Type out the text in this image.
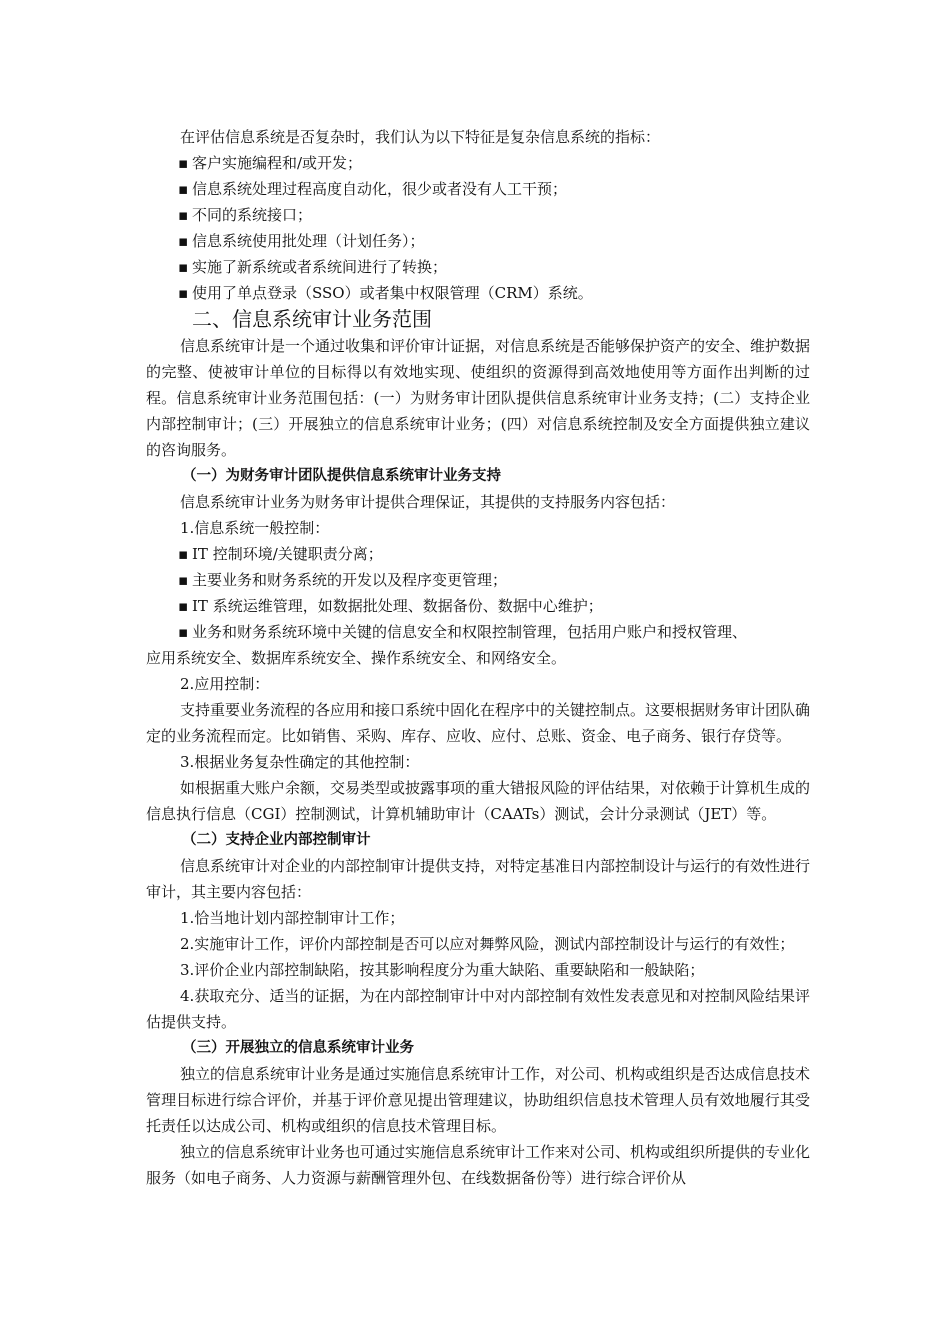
在评估信息系统是否复杂时，我们认为以下特征是复杂信息系统的指标：

▪ 客户实施编程和/或开发；
▪ 信息系统处理过程高度自动化，很少或者没有人工干预；
▪ 不同的系统接口；
▪ 信息系统使用批处理（计划任务）；
▪ 实施了新系统或者系统间进行了转换；
▪ 使用了单点登录（SSO）或者集中权限管理（CRM）系统。
二、信息系统审计业务范围

信息系统审计是一个通过收集和评价审计证据，对信息系统是否能够保护资产的安全、维护数据的完整、使被审计单位的目标得以有效地实现、使组织的资源得到高效地使用等方面作出判断的过程。信息系统审计业务范围包括：(一）为财务审计团队提供信息系统审计业务支持；(二）支持企业内部控制审计；(三）开展独立的信息系统审计业务；(四）对信息系统控制及安全方面提供独立建议的咨询服务。

（一）为财务审计团队提供信息系统审计业务支持

信息系统审计业务为财务审计提供合理保证，其提供的支持服务内容包括：

1.信息系统一般控制：
▪ IT 控制环境/关键职责分离；
▪ 主要业务和财务系统的开发以及程序变更管理；
▪ IT 系统运维管理，如数据批处理、数据备份、数据中心维护；
▪ 业务和财务系统环境中关键的信息安全和权限控制管理，包括用户账户和授权管理、
应用系统安全、数据库系统安全、操作系统安全、和网络安全。
2.应用控制：

支持重要业务流程的各应用和接口系统中固化在程序中的关键控制点。这要根据财务审计团队确定的业务流程而定。比如销售、采购、库存、应收、应付、总账、资金、电子商务、银行存贷等。

3.根据业务复杂性确定的其他控制：

如根据重大账户余额，交易类型或披露事项的重大错报风险的评估结果，对依赖于计算机生成的信息执行信息（CGI）控制测试，计算机辅助审计（CAATs）测试，会计分录测试（JET）等。

（二）支持企业内部控制审计

信息系统审计对企业的内部控制审计提供支持，对特定基准日内部控制设计与运行的有效性进行审计，其主要内容包括：

1.恰当地计划内部控制审计工作；

2.实施审计工作，评价内部控制是否可以应对舞弊风险，测试内部控制设计与运行的有效性；

3.评价企业内部控制缺陷，按其影响程度分为重大缺陷、重要缺陷和一般缺陷；

4.获取充分、适当的证据，为在内部控制审计中对内部控制有效性发表意见和对控制风险结果评估提供支持。

（三）开展独立的信息系统审计业务

独立的信息系统审计业务是通过实施信息系统审计工作，对公司、机构或组织是否达成信息技术管理目标进行综合评价，并基于评价意见提出管理建议，协助组织信息技术管理人员有效地履行其受托责任以达成公司、机构或组织的信息技术管理目标。

独立的信息系统审计业务也可通过实施信息系统审计工作来对公司、机构或组织所提供的专业化服务（如电子商务、人力资源与薪酬管理外包、在线数据备份等）进行综合评价从
